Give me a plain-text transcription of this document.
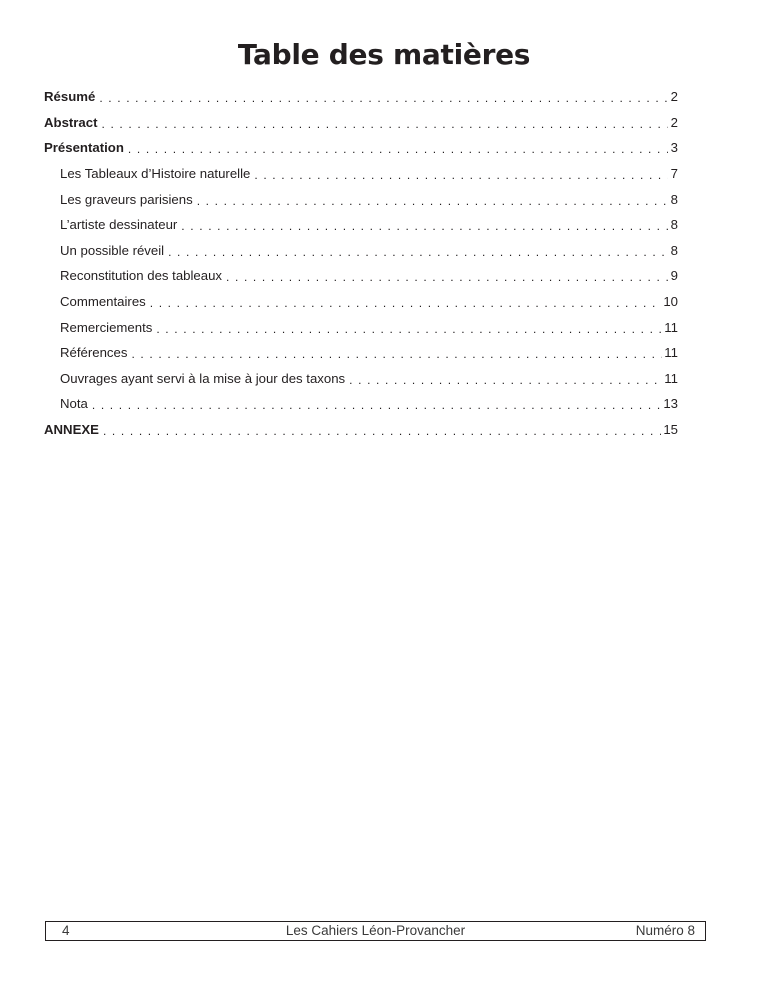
Table des matières
Résumé . . .	2
Abstract . . .	2
Présentation . . .	3
Les Tableaux d’Histoire naturelle . . .	7
Les graveurs parisiens . . .	8
L’artiste dessinateur . . .	8
Un possible réveil . . .	8
Reconstitution des tableaux . . .	9
Commentaires . . .	10
Remerciements . . .	11
Références . . .	11
Ouvrages ayant servi à la mise à jour des taxons . . .	11
Nota . . .	13
ANNEXE . . .	15
Les Cahiers Léon-Provancher
4	Numéro 8
